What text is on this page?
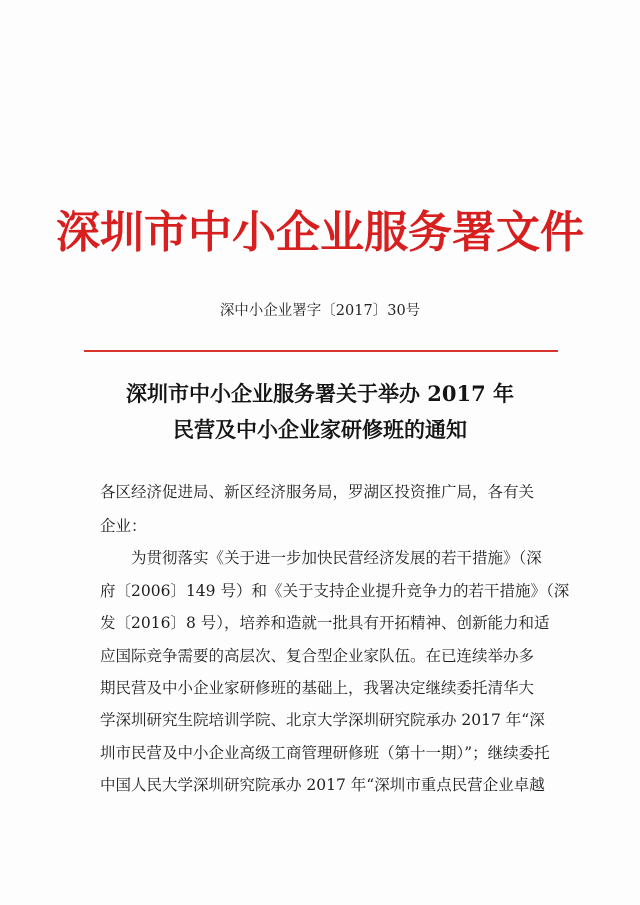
深圳市中小企业服务署文件
深中小企业署字〔2017〕30号
深圳市中小企业服务署关于举办 2017 年
民营及中小企业家研修班的通知
各区经济促进局、新区经济服务局，罗湖区投资推广局，各有关
企业：
为贯彻落实《关于进一步加快民营经济发展的若干措施》（深
府〔2006〕149 号）和《关于支持企业提升竞争力的若干措施》（深
发〔2016〕8 号），培养和造就一批具有开拓精神、创新能力和适
应国际竞争需要的高层次、复合型企业家队伍。在已连续举办多
期民营及中小企业家研修班的基础上，我署决定继续委托清华大
学深圳研究生院培训学院、北京大学深圳研究院承办 2017 年“深
圳市民营及中小企业高级工商管理研修班（第十一期）”；继续委托
中国人民大学深圳研究院承办 2017 年“深圳市重点民营企业卓越
